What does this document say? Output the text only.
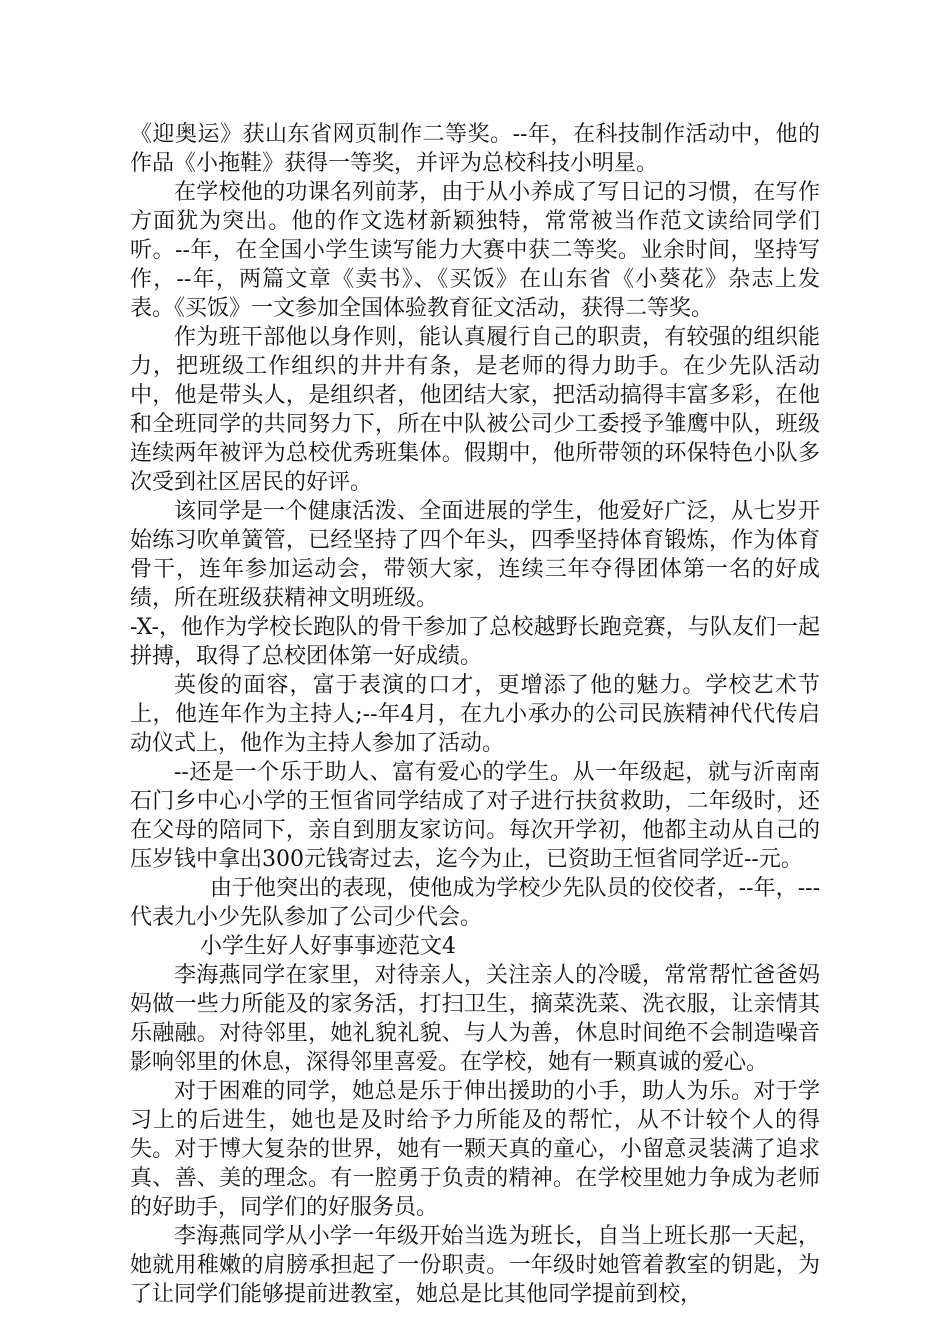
《迎奥运》获山东省网页制作二等奖。--年，在科技制作活动中，他的作品《小拖鞋》获得一等奖，并评为总校科技小明星。

在学校他的功课名列前茅，由于从小养成了写日记的习惯，在写作方面犹为突出。他的作文选材新颖独特，常常被当作范文读给同学们听。--年，在全国小学生读写能力大赛中获二等奖。业余时间，坚持写作，--年，两篇文章《卖书》、《买饭》在山东省《小葵花》杂志上发表。《买饭》一文参加全国体验教育征文活动，获得二等奖。

作为班干部他以身作则，能认真履行自己的职责，有较强的组织能力，把班级工作组织的井井有条，是老师的得力助手。在少先队活动中，他是带头人，是组织者，他团结大家，把活动搞得丰富多彩，在他和全班同学的共同努力下，所在中队被公司少工委授予雏鹰中队，班级连续两年被评为总校优秀班集体。假期中，他所带领的环保特色小队多次受到社区居民的好评。

该同学是一个健康活泼、全面进展的学生，他爱好广泛，从七岁开始练习吹单簧管，已经坚持了四个年头，四季坚持体育锻炼，作为体育骨干，连年参加运动会，带领大家，连续三年夺得团体第一名的好成绩，所在班级获精神文明班级。

-X-，他作为学校长跑队的骨干参加了总校越野长跑竞赛，与队友们一起拼搏，取得了总校团体第一好成绩。

英俊的面容，富于表演的口才，更增添了他的魅力。学校艺术节上，他连年作为主持人;--年4月，在九小承办的公司民族精神代代传启动仪式上，他作为主持人参加了活动。

--还是一个乐于助人、富有爱心的学生。从一年级起，就与沂南南石门乡中心小学的王恒省同学结成了对子进行扶贫救助，二年级时，还在父母的陪同下，亲自到朋友家访问。每次开学初，他都主动从自己的压岁钱中拿出300元钱寄过去，迄今为止，已资助王恒省同学近--元。

由于他突出的表现，使他成为学校少先队员的佼佼者，--年，---代表九小少先队参加了公司少代会。

小学生好人好事事迹范文4

李海燕同学在家里，对待亲人，关注亲人的冷暖，常常帮忙爸爸妈妈做一些力所能及的家务活，打扫卫生，摘菜洗菜、洗衣服，让亲情其乐融融。对待邻里，她礼貌礼貌、与人为善，休息时间绝不会制造噪音影响邻里的休息，深得邻里喜爱。在学校，她有一颗真诚的爱心。

对于困难的同学，她总是乐于伸出援助的小手，助人为乐。对于学习上的后进生，她也是及时给予力所能及的帮忙，从不计较个人的得失。对于博大复杂的世界，她有一颗天真的童心，小留意灵装满了追求真、善、美的理念。有一腔勇于负责的精神。在学校里她力争成为老师的好助手，同学们的好服务员。

李海燕同学从小学一年级开始当选为班长，自当上班长那一天起，她就用稚嫩的肩膀承担起了一份职责。一年级时她管着教室的钥匙，为了让同学们能够提前进教室，她总是比其他同学提前到校，
